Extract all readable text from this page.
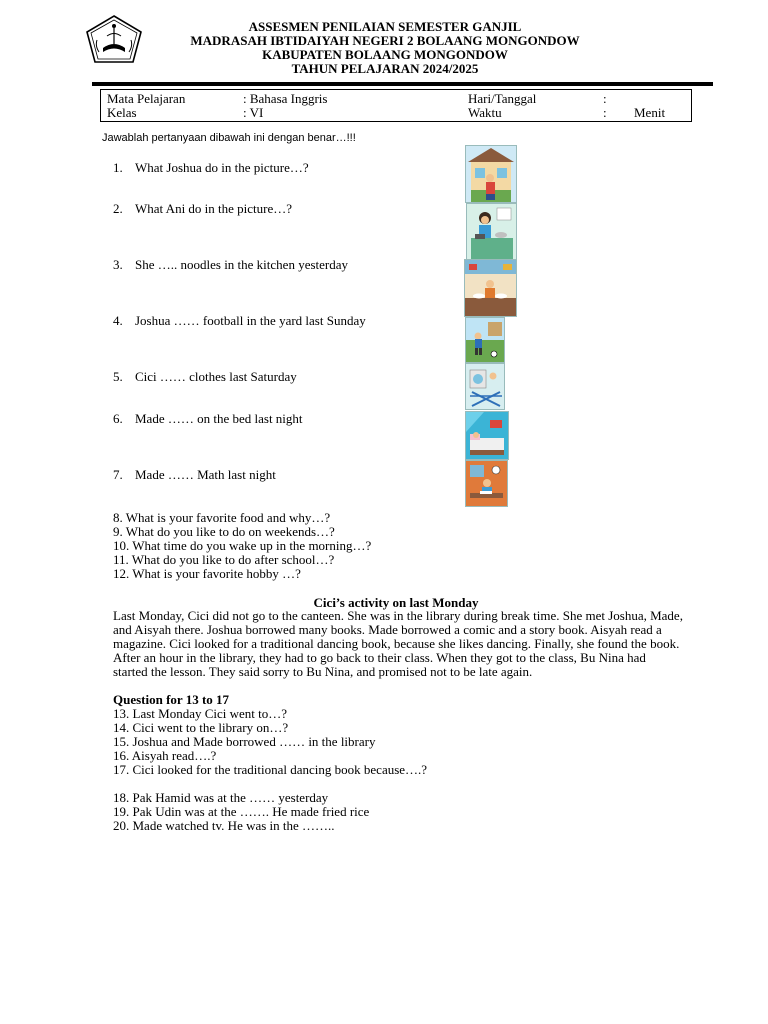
ASSESMEN PENILAIAN SEMESTER GANJIL
MADRASAH IBTIDAIYAH NEGERI 2 BOLAANG MONGONDOW
KABUPATEN BOLAANG MONGONDOW
TAHUN PELAJARAN 2024/2025
Mata Pelajaran	: Bahasa Inggris	Hari/Tanggal	:
Kelas	: VI	Waktu	: Menit
Jawablah pertanyaan dibawah ini dengan benar…!!!
1. What Joshua do in the picture…?
2. What Ani do in the picture…?
3. She ….. noodles in the kitchen yesterday
4. Joshua …… football in the yard last Sunday
5. Cici …… clothes last Saturday
6. Made …… on the bed last night
7. Made …… Math last night
8. What is your favorite food and why…?
9. What do you like to do on weekends…?
10. What time do you wake up in the morning…?
11. What do you like to do after school…?
12. What is your favorite hobby …?
Cici’s activity on last Monday
Last Monday, Cici did not go to the canteen. She was in the library during break time. She met Joshua, Made, and Aisyah there. Joshua borrowed many books. Made borrowed a comic and a story book. Aisyah read a magazine. Cici looked for a traditional dancing book, because she likes dancing. Finally, she found the book. After an hour in the library, they had to go back to their class. When they got to the class, Bu Nina had started the lesson. They said sorry to Bu Nina, and promised not to be late again.
Question for 13 to 17
13. Last Monday Cici went to…?
14. Cici went to the library on…?
15. Joshua and Made borrowed …… in the library
16. Aisyah read….?
17. Cici looked for the traditional dancing book because….?
18. Pak Hamid was at the …… yesterday
19. Pak Udin was at the ……. He made fried rice
20. Made watched tv. He was in the ……..
